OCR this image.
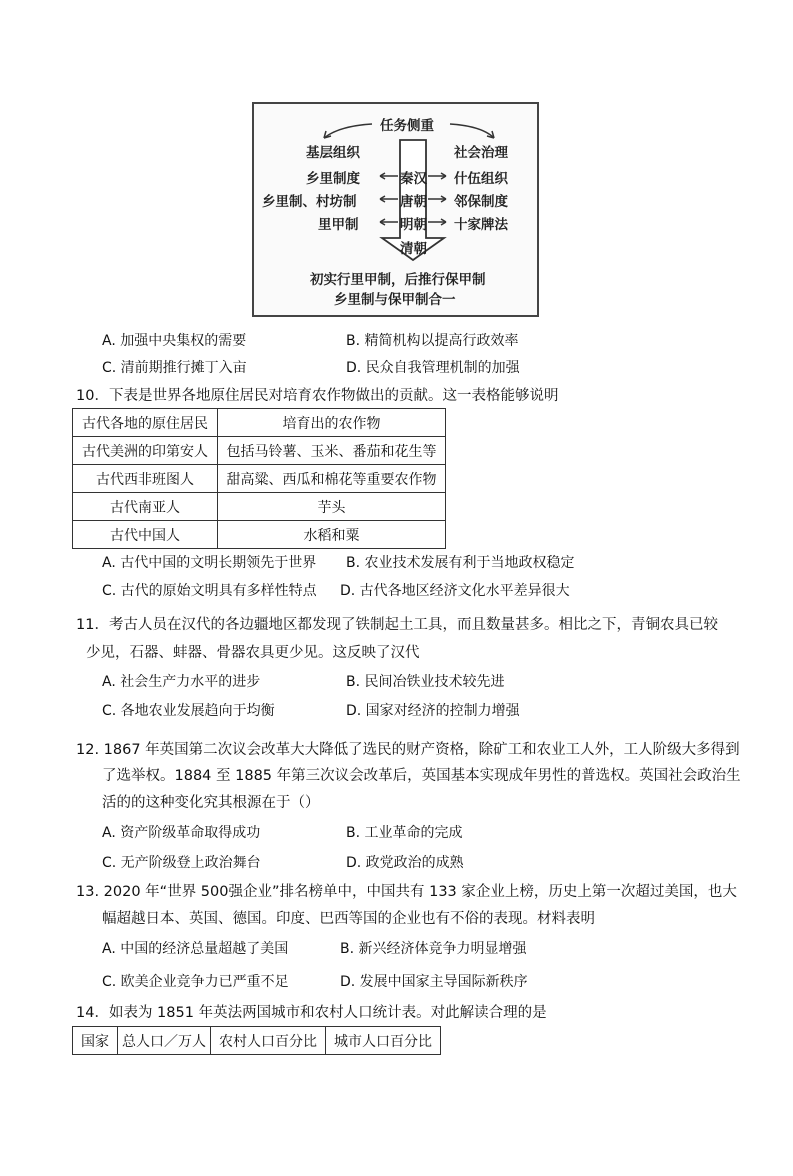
任务侧重
基层组织	社会治理
秦汉
唐朝
明朝
清朝
乡里制度
乡里制、村坊制
里甲制
什伍组织
邻保制度
十家牌法
初实行里甲制，后推行保甲制
乡里制与保甲制合一
A. 加强中央集权的需要	B. 精简机构以提高行政效率
C. 清前期推行摊丁入亩	D. 民众自我管理机制的加强
10．下表是世界各地原住居民对培育农作物做出的贡献。这一表格能够说明
古代各地的原住居民	培育出的农作物
古代美洲的印第安人	包括马铃薯、玉米、番茄和花生等
古代西非班图人	甜高粱、西瓜和棉花等重要农作物
古代南亚人	芋头
古代中国人	水稻和粟
A. 古代中国的文明长期领先于世界 B. 农业技术发展有利于当地政权稳定
C. 古代的原始文明具有多样性特点 D. 古代各地区经济文化水平差异很大
11．考古人员在汉代的各边疆地区都发现了铁制起土工具，而且数量甚多。相比之下，青铜农具已较
少见，石器、蚌器、骨器农具更少见。这反映了汉代
A. 社会生产力水平的进步	B. 民间冶铁业技术较先进
C. 各地农业发展趋向于均衡	D. 国家对经济的控制力增强
12. 1867 年英国第二次议会改革大大降低了选民的财产资格，除矿工和农业工人外，工人阶级大多得到
了选举权。1884 至 1885 年第三次议会改革后，英国基本实现成年男性的普选权。英国社会政治生
活的的这种变化究其根源在于（）
A. 资产阶级革命取得成功	B. 工业革命的完成
C. 无产阶级登上政治舞台	D. 政党政治的成熟
13. 2020 年“世界 500强企业”排名榜单中，中国共有 133 家企业上榜，历史上第一次超过美国，也大
幅超越日本、英国、德国。印度、巴西等国的企业也有不俗的表现。材料表明
A. 中国的经济总量超越了美国	B. 新兴经济体竞争力明显增强
C. 欧美企业竞争力已严重不足	D. 发展中国家主导国际新秩序
14．如表为 1851 年英法两国城市和农村人口统计表。对此解读合理的是
国家	总人口／万人	农村人口百分比	城市人口百分比
